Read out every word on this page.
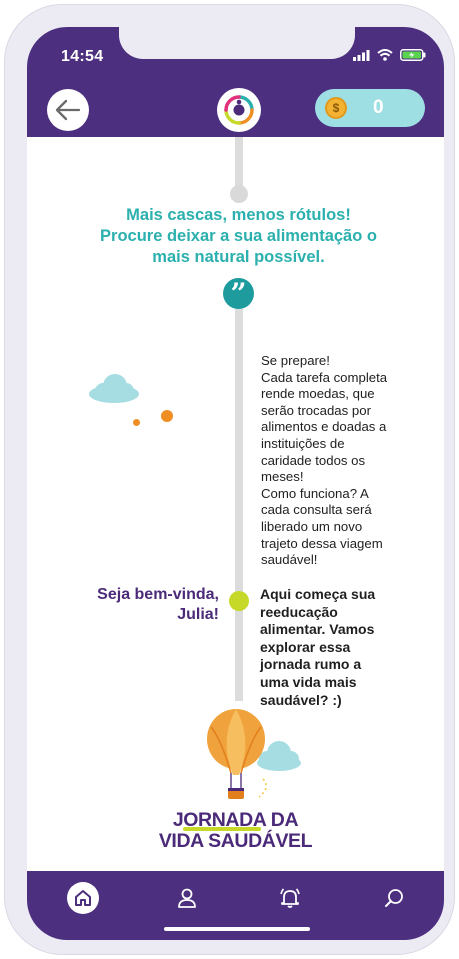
14:54
$	0
Mais cascas, menos rótulos! Procure deixar a sua alimentação o mais natural possível.
”
Se prepare!
Cada tarefa completa
rende moedas, que
serão trocadas por
alimentos e doadas a
instituições de
caridade todos os
meses!
Como funciona? A
cada consulta será
liberado um novo
trajeto dessa viagem
saudável!
Seja bem-vinda,
Julia!
Aqui começa sua
reeducação
alimentar. Vamos
explorar essa
jornada rumo a
uma vida mais
saudável? :)
JORNADA DA
VIDA SAUDÁVEL
